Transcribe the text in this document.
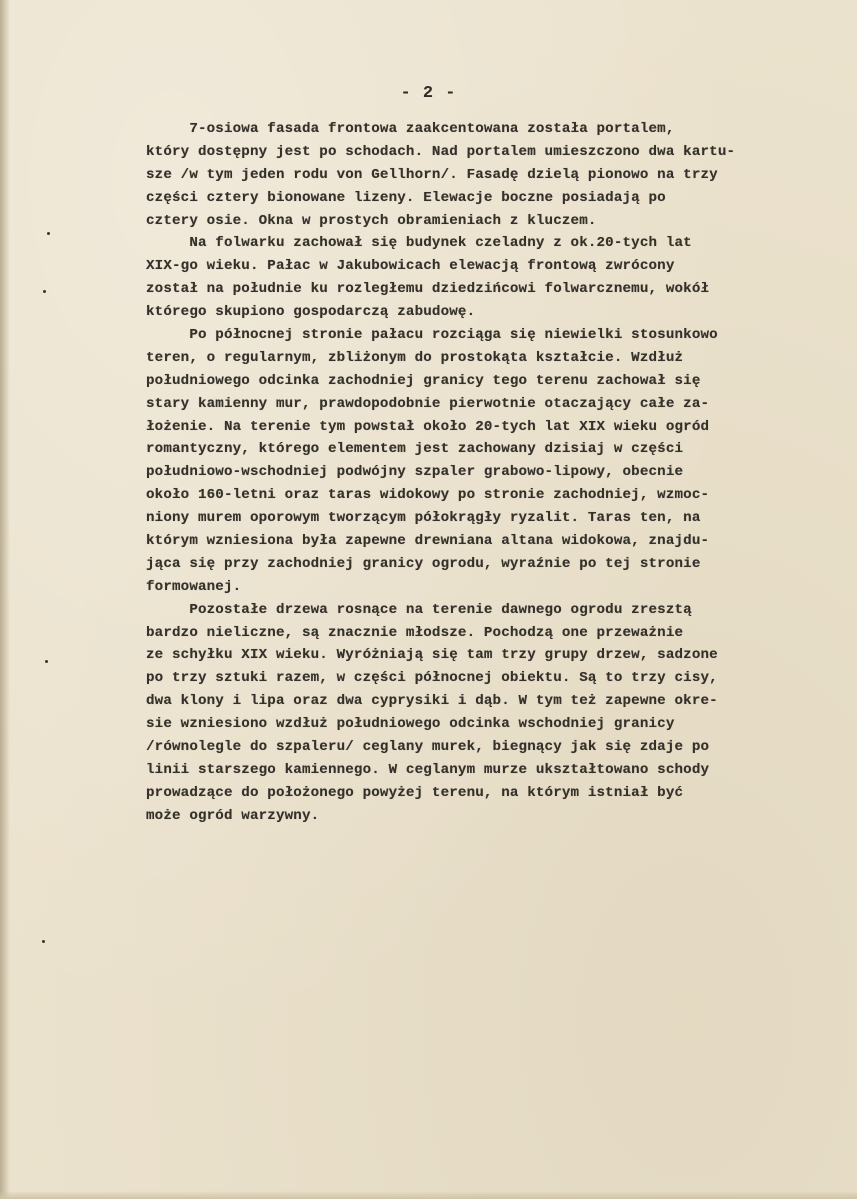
- 2 -
7-osiowa fasada frontowa zaakcentowana została portalem,
który dostępny jest po schodach. Nad portalem umieszczono dwa kartu-
sze /w tym jeden rodu von Gellhorn/. Fasadę dzielą pionowo na trzy
części cztery bionowane lizeny. Elewacje boczne posiadają po
cztery osie. Okna w prostych obramieniach z kluczem.
Na folwarku zachował się budynek czeladny z ok.20-tych lat
XIX-go wieku. Pałac w Jakubowicach elewacją frontową zwrócony
został na południe ku rozległemu dziedzińcowi folwarcznemu, wokół
którego skupiono gospodarczą zabudowę.
Po północnej stronie pałacu rozciąga się niewielki stosunkowo
teren, o regularnym, zbliżonym do prostokąta kształcie. Wzdłuż
południowego odcinka zachodniej granicy tego terenu zachował się
stary kamienny mur, prawdopodobnie pierwotnie otaczający całe za-
łożenie. Na terenie tym powstał około 20-tych lat XIX wieku ogród
romantyczny, którego elementem jest zachowany dzisiaj w części
południowo-wschodniej podwójny szpaler grabowo-lipowy, obecnie
około 160-letni oraz taras widokowy po stronie zachodniej, wzmoc-
niony murem oporowym tworzącym półokrągły ryzalit. Taras ten, na
którym wzniesiona była zapewne drewniana altana widokowa, znajdu-
jąca się przy zachodniej granicy ogrodu, wyraźnie po tej stronie
formowanej.
Pozostałe drzewa rosnące na terenie dawnego ogrodu zresztą
bardzo nieliczne, są znacznie młodsze. Pochodzą one przeważnie
ze schyłku XIX wieku. Wyróżniają się tam trzy grupy drzew, sadzone
po trzy sztuki razem, w części północnej obiektu. Są to trzy cisy,
dwa klony i lipa oraz dwa cyprysiki i dąb. W tym też zapewne okre-
sie wzniesiono wzdłuż południowego odcinka wschodniej granicy
/równolegle do szpaleru/ ceglany murek, biegnący jak się zdaje po
linii starszego kamiennego. W ceglanym murze ukształtowano schody
prowadzące do położonego powyżej terenu, na którym istniał być
może ogród warzywny.
